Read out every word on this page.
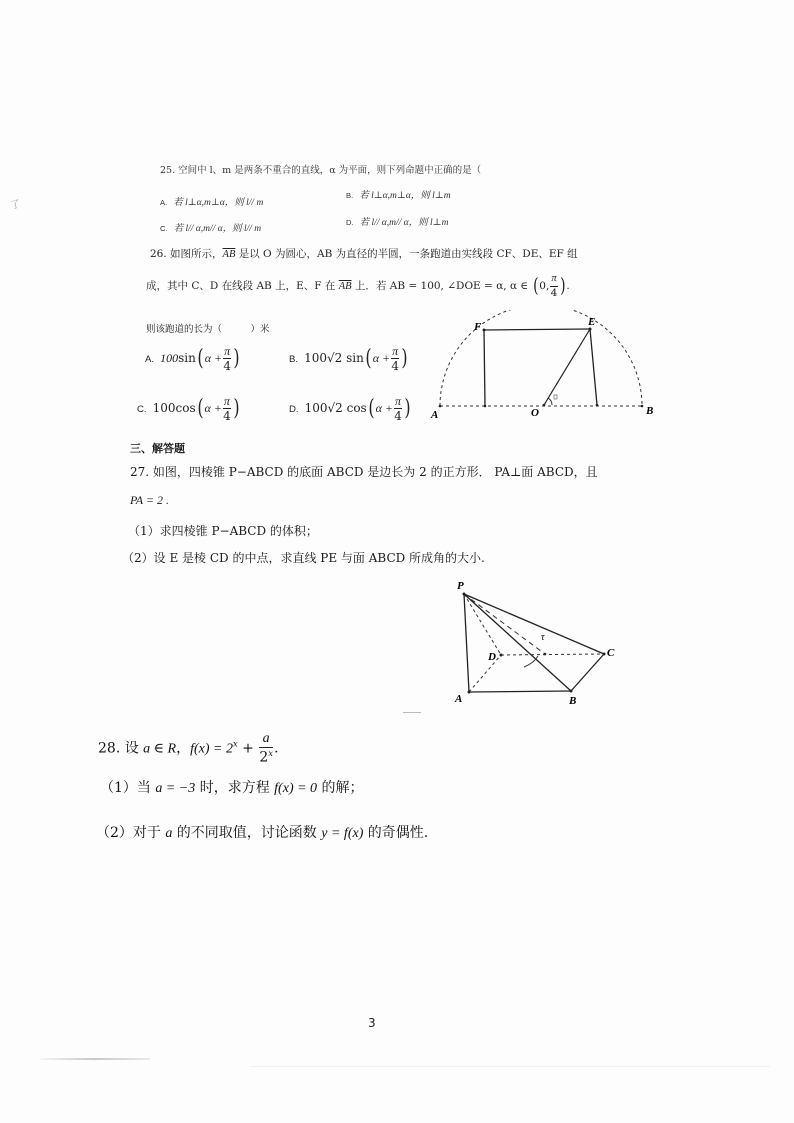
了
25. 空间中 l、m 是两条不重合的直线，α 为平面，则下列命题中正确的是（
A. 若 l⊥α,m⊥α，则 l// m
B. 若 l⊥α,m⊥α，则 l⊥m
C. 若 l// α,m// α，则 l// m
D. 若 l// α,m// α，则 l⊥m
26. 如图所示，$\overline{AB}$ 是以 O 为圆心，AB 为直径的半圆，一条跑道由实线段 CF、DE、EF 组
成，其中 C、D 在线段 AB 上，E、F 在 $\overline{AB}$ 上．若 AB = 100, ∠DOE = α, α ∈ (0, $\frac{\pi}{4}$ ).
则该跑道的长为（　　　）米
A. $100\sin(\alpha + \frac{\pi}{4}$ )	B. 100√2 $\sin(\alpha + \frac{\pi}{4}$ )
C. $100\cos(\alpha + \frac{\pi}{4}$ )	D. 100√2 $\cos(\alpha + \frac{\pi}{4}$ ) A	B
O
E
F
三、解答题
27. 如图，四棱锥 P−ABCD 的底面 ABCD 是边长为 2 的正方形． PA⊥面 ABCD，且
PA = 2 .
（1）求四棱锥 P−ABCD 的体积；
（2）设 E 是棱 CD 的中点，求直线 PE 与面 ABCD 所成角的大小.
τ
P
A	B
C
D
28. 设 a ∈ R，$f(x) = 2^x + \frac{a}{2^x}$ .
（1）当 a = −3 时，求方程 f(x) = 0 的解；
（2）对于 a 的不同取值，讨论函数 y = f(x) 的奇偶性.
3
